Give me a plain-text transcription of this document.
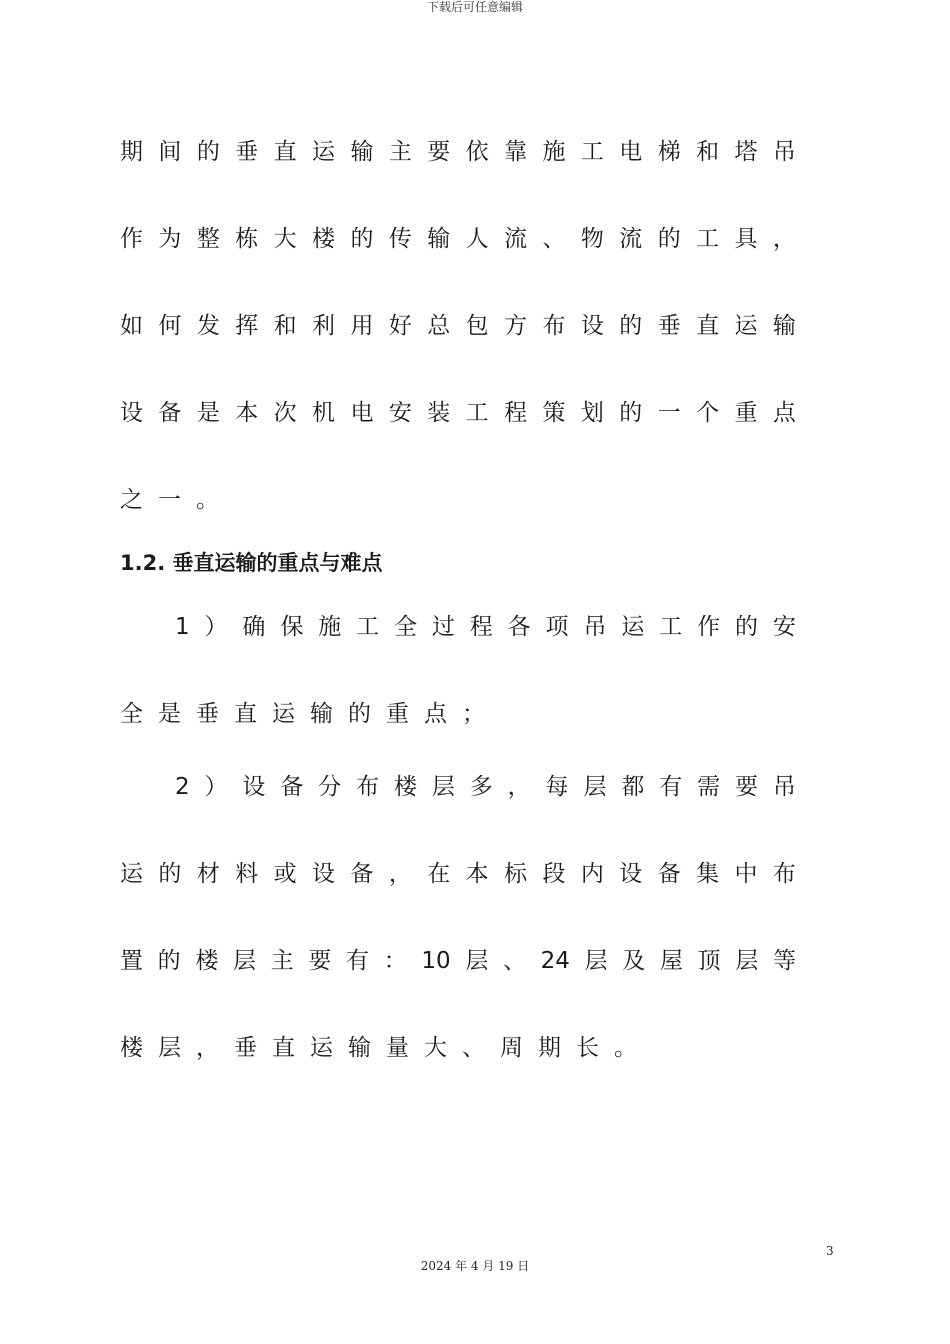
下载后可任意编辑
期 间 的 垂 直 运 输 主 要 依 靠 施 工 电 梯 和 塔 吊
作 为 整 栋 大 楼 的 传 输 人 流 、 物 流 的 工 具 ，
如 何 发 挥 和 利 用 好 总 包 方 布 设 的 垂 直 运 输
设 备 是 本 次 机 电 安 装 工 程 策 划 的 一 个 重 点
之一。
1.2. 垂直运输的重点与难点
1 ） 确 保 施 工 全 过 程 各 项 吊 运 工 作 的 安
全是垂直运输的重点；
2 ） 设 备 分 布 楼 层 多 ， 每 层 都 有 需 要 吊
运 的 材 料 或 设 备 ， 在 本 标 段 内 设 备 集 中 布
置 的 楼 层 主 要 有 ： 10 层 、 24 层 及 屋 顶 层 等
楼层，垂直运输量大、周期长。
3
2024 年 4 月 19 日
